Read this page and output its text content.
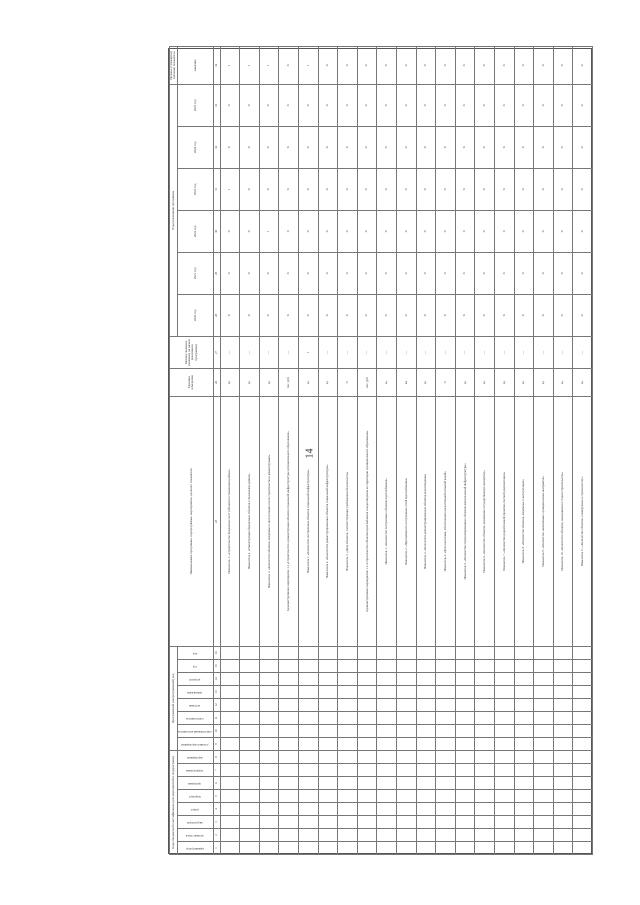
14
Коды бюджетной классификации (для мероприятий и подпрограмм)								Программный (непрограммный) код								Наименование программы, подпрограммы, мероприятия, целевого показателя	Единица измерения	Базовое значение (значение на начало реализации программы)	Годы реализации программы						Целевое (суммарное) значение показателя
администратор	целевая статья	вид расходов	раздел	подраздел	программа	подпрограмма	мероприятие	основное мероприятие	ответственный исполнитель	соисполнитель	источник	направление	результат	год	код				2020 год	2021 год	2022 год	2023 год	2024 год	2025 год	значение
1	2	3	4	5	6	7	8	9	10	11	12	13	14	15	16	25	26	27	28	29	30	31	32	33	34
																Показатель 1. «Строительство бюджетных мест (объектов) в Знаменском районе»	ед.	—	0	0	0	1	0	0	1
																Показатель 2. «Реконструкция бюджетных объектов в Знаменском районе»	ед.	—	0	0	0	0	0	0	1
																Показатель 3. «Количество объектов, введённых в эксплуатацию после строительства и реконструкции»	ед.	—	0	0	1	0	0	0	1
																Административное мероприятие 1.1 «Строительство и реконструкция объектов социальной инфраструктуры муниципального образования»	тыс. руб.	—	0	0	0	0	0	0	0
																Показатель 1. «Количество построенных объектов социальной инфраструктуры»	ед.	1	0	0	0	0	0	0	1
																Показатель 2. «Количество реконструированных объектов социальной инфраструктуры»	ед.	—	0	0	0	0	0	0	0
																Показатель 3. «Доля объектов, соответствующих требованиям безопасности»	%	—	0	0	0	0	0	0	0
																Административное мероприятие 1.2 «Строительство объектов водоснабжения и водоотведения на территории муниципального образования»	тыс. руб.	—	0	0	0	0	0	0	0
																Показатель 1. «Количество построенных объектов водоснабжения»	ед.	—	0	0	0	0	0	0	0
																Показатель 2. «Протяжённость построенных сетей водоснабжения»	км	—	0	0	0	0	0	0	0
																Показатель 3. «Количество реконструированных объектов водоотведения»	ед.	—	0	0	0	0	0	0	0
																Показатель 4. «Доля населения, обеспеченного качественной питьевой водой»	%	—	0	0	0	0	0	0	0
																Показатель 5. «Количество отремонтированных объектов коммунальной инфраструктуры»	ед.	—	0	0	0	0	0	0	0
																Показатель 6. «Количество объектов, прошедших государственную экспертизу»	ед.	—	0	0	0	0	0	0	0
																Показатель 7. «Количество разработанной проектно-сметной документации»	ед.	—	0	0	0	0	0	0	0
																Показатель 8. «Количество объектов, введённых в эксплуатацию»	ед.	—	0	0	0	0	0	0	0
																Показатель 9. «Количество заключённых муниципальных контрактов»	ед.	—	0	0	0	0	0	0	0
																Показатель 10. «Количество объектов, находящихся в стадии строительства»	ед.	—	0	0	0	0	0	0	0
																Показатель 11. «Количество объектов, планируемых к строительству»	ед.	—	0	0	0	0	0	0	0
